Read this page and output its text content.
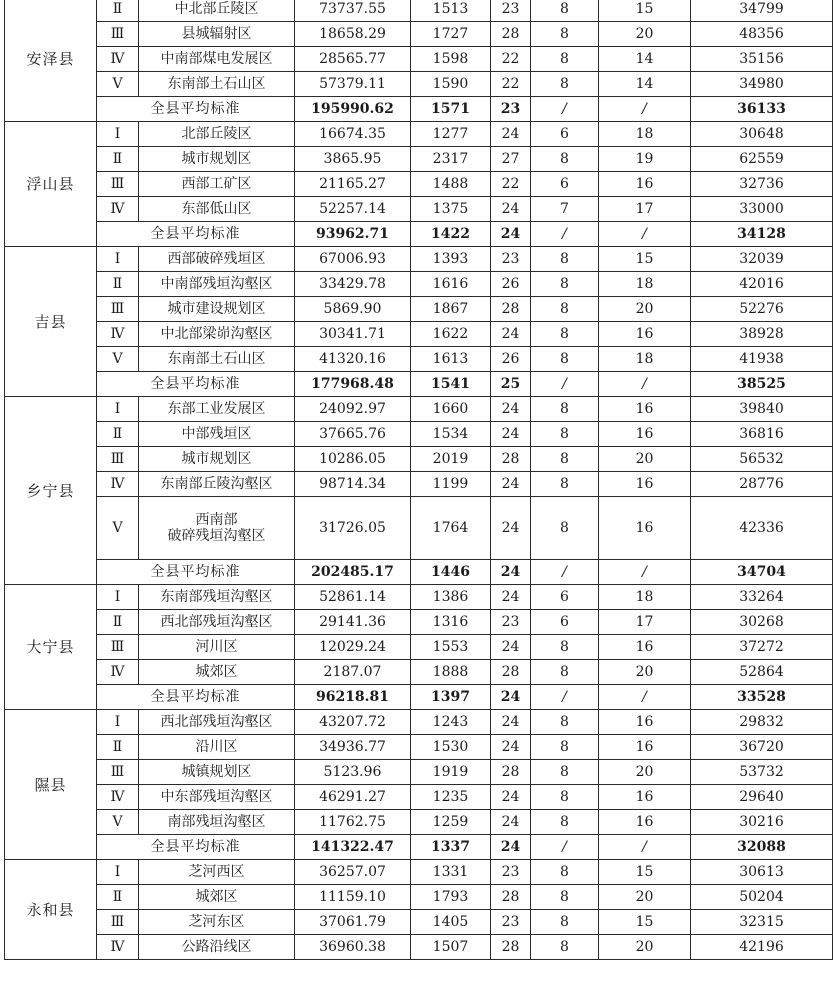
安泽县	Ⅱ	中北部丘陵区	73737.55	1513	23	8	15	34799
	Ⅲ	县城辐射区	18658.29	1727	28	8	20	48356
	Ⅳ	中南部煤电发展区	28565.77	1598	22	8	14	35156
	Ⅴ	东南部土石山区	57379.11	1590	22	8	14	34980
	全县平均标准		195990.62	1571	23	/	/	36133
浮山县	Ⅰ	北部丘陵区	16674.35	1277	24	6	18	30648
	Ⅱ	城市规划区	3865.95	2317	27	8	19	62559
	Ⅲ	西部工矿区	21165.27	1488	22	6	16	32736
	Ⅳ	东部低山区	52257.14	1375	24	7	17	33000
	全县平均标准		93962.71	1422	24	/	/	34128
吉县	Ⅰ	西部破碎残垣区	67006.93	1393	23	8	15	32039
	Ⅱ	中南部残垣沟壑区	33429.78	1616	26	8	18	42016
	Ⅲ	城市建设规划区	5869.90	1867	28	8	20	52276
	Ⅳ	中北部梁峁沟壑区	30341.71	1622	24	8	16	38928
	Ⅴ	东南部土石山区	41320.16	1613	26	8	18	41938
	全县平均标准		177968.48	1541	25	/	/	38525
乡宁县	Ⅰ	东部工业发展区	24092.97	1660	24	8	16	39840
	Ⅱ	中部残垣区	37665.76	1534	24	8	16	36816
	Ⅲ	城市规划区	10286.05	2019	28	8	20	56532
	Ⅳ	东南部丘陵沟壑区	98714.34	1199	24	8	16	28776
	Ⅴ	西南部
破碎残垣沟壑区	31726.05	1764	24	8	16	42336
	全县平均标准		202485.17	1446	24	/	/	34704
大宁县	Ⅰ	东南部残垣沟壑区	52861.14	1386	24	6	18	33264
	Ⅱ	西北部残垣沟壑区	29141.36	1316	23	6	17	30268
	Ⅲ	河川区	12029.24	1553	24	8	16	37272
	Ⅳ	城郊区	2187.07	1888	28	8	20	52864
	全县平均标准		96218.81	1397	24	/	/	33528
隰县	Ⅰ	西北部残垣沟壑区	43207.72	1243	24	8	16	29832
	Ⅱ	沿川区	34936.77	1530	24	8	16	36720
	Ⅲ	城镇规划区	5123.96	1919	28	8	20	53732
	Ⅳ	中东部残垣沟壑区	46291.27	1235	24	8	16	29640
	Ⅴ	南部残垣沟壑区	11762.75	1259	24	8	16	30216
	全县平均标准		141322.47	1337	24	/	/	32088
永和县	Ⅰ	芝河西区	36257.07	1331	23	8	15	30613
	Ⅱ	城郊区	11159.10	1793	28	8	20	50204
	Ⅲ	芝河东区	37061.79	1405	23	8	15	32315
	Ⅳ	公路沿线区	36960.38	1507	28	8	20	42196
